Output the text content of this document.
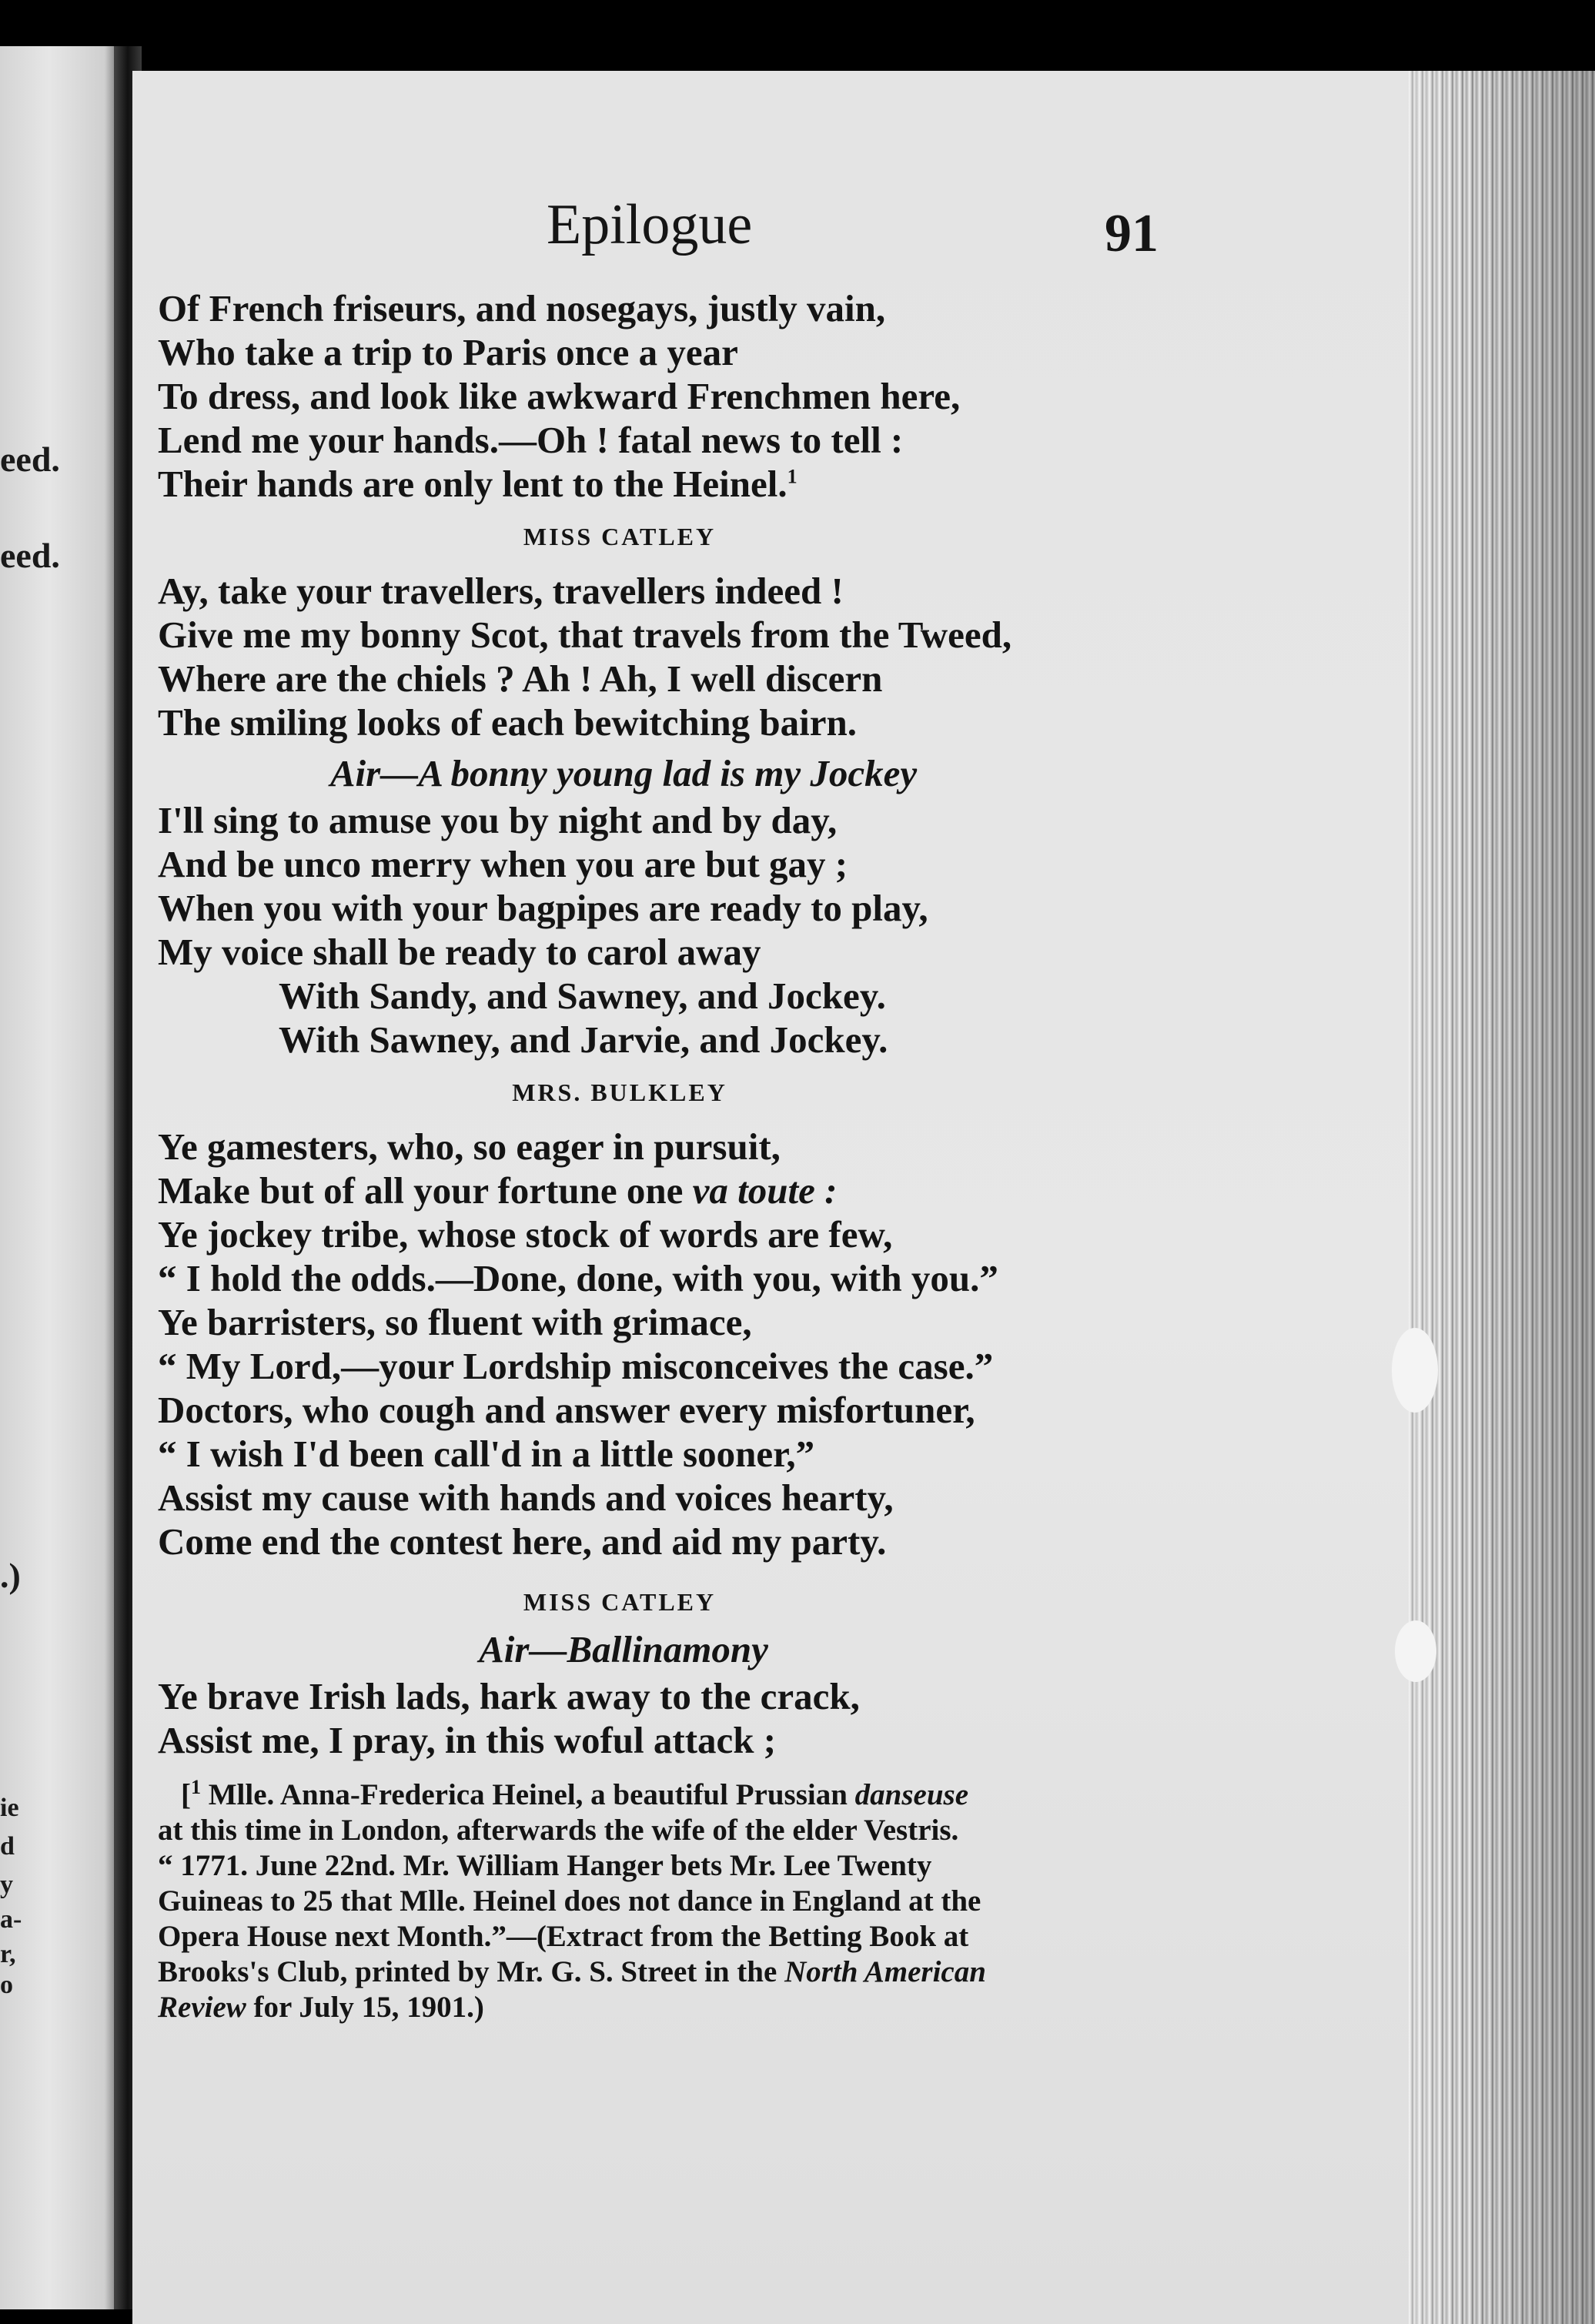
eed.
eed.
.)
ie
d
y
a-
r,
o
Epilogue	91
Of French friseurs, and nosegays, justly vain,
Who take a trip to Paris once a year
To dress, and look like awkward Frenchmen here,
Lend me your hands.—Oh ! fatal news to tell :
Their hands are only lent to the Heinel.$^1$
MISS CATLEY
Ay, take your travellers, travellers indeed !
Give me my bonny Scot, that travels from the Tweed,
Where are the chiels ? Ah ! Ah, I well discern
The smiling looks of each bewitching bairn.
Air—A bonny young lad is my Jockey
I'll sing to amuse you by night and by day,
And be unco merry when you are but gay ;
When you with your bagpipes are ready to play,
My voice shall be ready to carol away
With Sandy, and Sawney, and Jockey.
With Sawney, and Jarvie, and Jockey.
MRS. BULKLEY
Ye gamesters, who, so eager in pursuit,
Make but of all your fortune one va toute :
Ye jockey tribe, whose stock of words are few,
“ I hold the odds.—Done, done, with you, with you.”
Ye barristers, so fluent with grimace,
“ My Lord,—your Lordship misconceives the case.”
Doctors, who cough and answer every misfortuner,
“ I wish I'd been call'd in a little sooner,”
Assist my cause with hands and voices hearty,
Come end the contest here, and aid my party.
MISS CATLEY
Air—Ballinamony
Ye brave Irish lads, hark away to the crack,
Assist me, I pray, in this woful attack ;
[$^1$ Mlle. Anna-Frederica Heinel, a beautiful Prussian danseuse
at this time in London, afterwards the wife of the elder Vestris.
“ 1771. June 22nd. Mr. William Hanger bets Mr. Lee Twenty
Guineas to 25 that Mlle. Heinel does not dance in England at the
Opera House next Month.”—(Extract from the Betting Book at
Brooks's Club, printed by Mr. G. S. Street in the North American
Review for July 15, 1901.)
